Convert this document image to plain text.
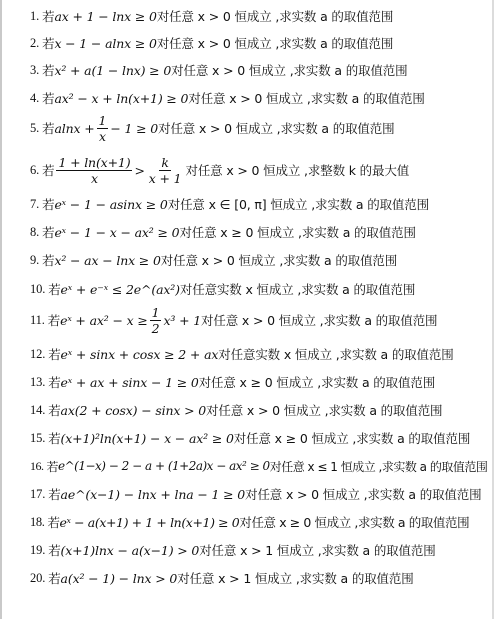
1. 若 ax + 1 − lnx ≥ 0 对任意 x > 0 恒成立 ,求实数 a 的取值范围
2. 若 x − 1 − alnx ≥ 0 对任意 x > 0 恒成立 ,求实数 a 的取值范围
3. 若 x² + a(1 − lnx) ≥ 0 对任意 x > 0 恒成立 ,求实数 a 的取值范围
4. 若 ax² − x + ln(x+1) ≥ 0 对任意 x > 0 恒成立 ,求实数 a 的取值范围
5. 若 $alnx + \frac{1}{x} - 1 \ge 0$ 对任意 x > 0 恒成立 ,求实数 a 的取值范围
6. 若 $\frac{1 + \ln(x+1)}{x} > \frac{k}{x + 1}$ 对任意 x > 0 恒成立 ,求整数 k 的最大值
7. 若 eˣ − 1 − asinx ≥ 0 对任意 x ∈ [0, π] 恒成立 ,求实数 a 的取值范围
8. 若 eˣ − 1 − x − ax² ≥ 0 对任意 x ≥ 0 恒成立 ,求实数 a 的取值范围
9. 若 x² − ax − lnx ≥ 0 对任意 x > 0 恒成立 ,求实数 a 的取值范围
10. 若 eˣ + e⁻ˣ ≤ 2e^(ax²) 对任意实数 x 恒成立 ,求实数 a 的取值范围
11. 若 eˣ + $ax^2 - x \ge \frac{1}{2} x^3 + 1$ 对任意 x > 0 恒成立 ,求实数 a 的取值范围
12. 若 eˣ + sinx + cosx ≥ 2 + ax 对任意实数 x 恒成立 ,求实数 a 的取值范围
13. 若 eˣ + ax + sinx − 1 ≥ 0 对任意 x ≥ 0 恒成立 ,求实数 a 的取值范围
14. 若 ax(2 + cosx) − sinx > 0 对任意 x > 0 恒成立 ,求实数 a 的取值范围
15. 若 (x+1)²ln(x+1) − x − ax² ≥ 0 对任意 x ≥ 0 恒成立 ,求实数 a 的取值范围
16. 若 e^(1−x) − 2 − a + (1+2a)x − ax² ≥ 0 对任意 x ≤ 1 恒成立 ,求实数 a 的取值范围
17. 若 ae^(x−1) − lnx + lna − 1 ≥ 0 对任意 x > 0 恒成立 ,求实数 a 的取值范围
18. 若 eˣ − a(x+1) + 1 + ln(x+1) ≥ 0 对任意 x ≥ 0 恒成立 ,求实数 a 的取值范围
19. 若 (x+1)lnx − a(x−1) > 0 对任意 x > 1 恒成立 ,求实数 a 的取值范围
20. 若 a(x² − 1) − lnx > 0 对任意 x > 1 恒成立 ,求实数 a 的取值范围
